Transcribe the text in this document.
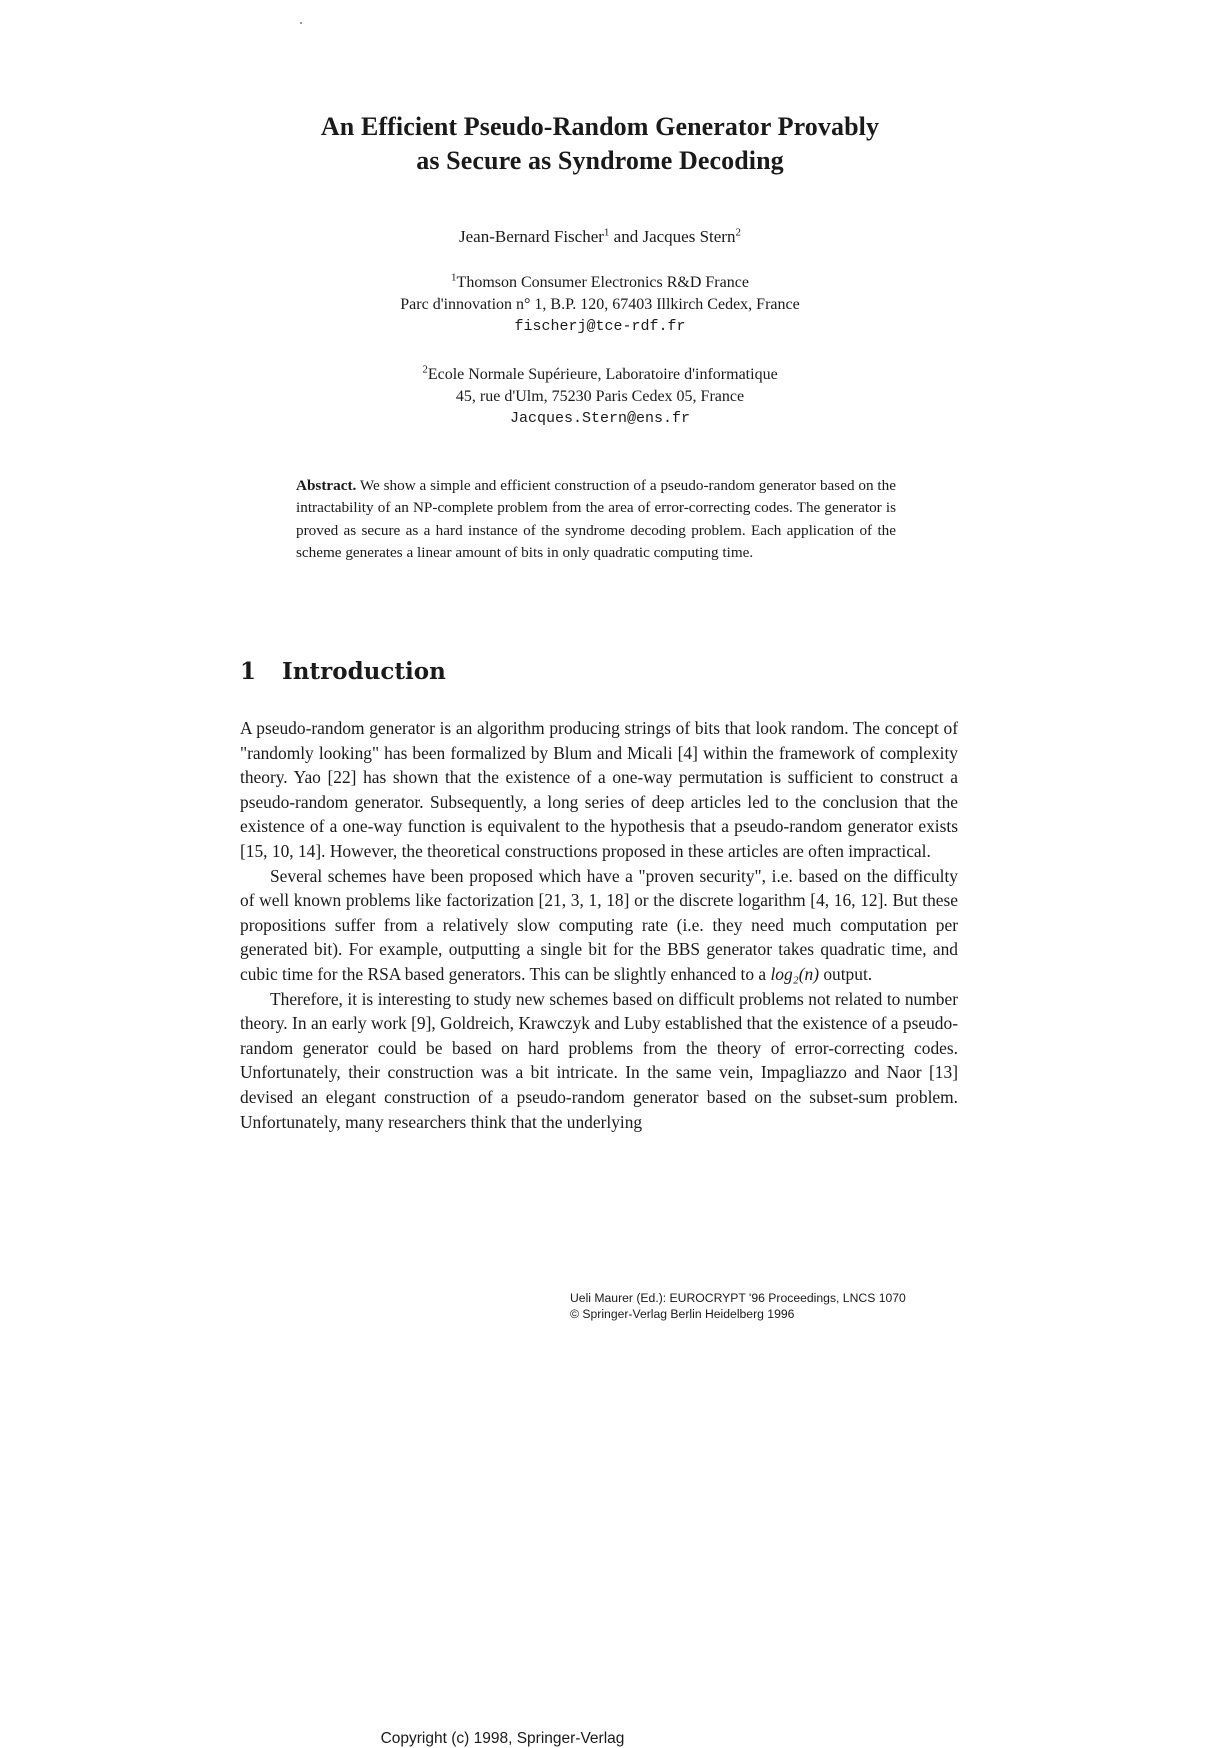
An Efficient Pseudo-Random Generator Provably
as Secure as Syndrome Decoding
Jean-Bernard Fischer$^1$ and Jacques Stern$^2$
$^1$Thomson Consumer Electronics R&D France
Parc d'innovation n° 1, B.P. 120, 67403 Illkirch Cedex, France
fischerj@tce-rdf.fr
$^2$Ecole Normale Supérieure, Laboratoire d'informatique
45, rue d'Ulm, 75230 Paris Cedex 05, France
Jacques.Stern@ens.fr
Abstract. We show a simple and efficient construction of a pseudo-random generator based on the intractability of an NP-complete problem from the area of error-correcting codes. The generator is proved as secure as a hard instance of the syndrome decoding problem. Each application of the scheme generates a linear amount of bits in only quadratic computing time.
1 Introduction

A pseudo-random generator is an algorithm producing strings of bits that look random. The concept of "randomly looking" has been formalized by Blum and Micali [4] within the framework of complexity theory. Yao [22] has shown that the existence of a one-way permutation is sufficient to construct a pseudo-random generator. Subsequently, a long series of deep articles led to the conclusion that the existence of a one-way function is equivalent to the hypothesis that a pseudo-random generator exists [15, 10, 14]. However, the theoretical constructions proposed in these articles are often impractical.

Several schemes have been proposed which have a "proven security", i.e. based on the difficulty of well known problems like factorization [21, 3, 1, 18] or the discrete logarithm [4, 16, 12]. But these propositions suffer from a relatively slow computing rate (i.e. they need much computation per generated bit). For example, outputting a single bit for the BBS generator takes quadratic time, and cubic time for the RSA based generators. This can be slightly enhanced to a log₂(n) output.

Therefore, it is interesting to study new schemes based on difficult problems not related to number theory. In an early work [9], Goldreich, Krawczyk and Luby established that the existence of a pseudo-random generator could be based on hard problems from the theory of error-correcting codes. Unfortunately, their construction was a bit intricate. In the same vein, Impagliazzo and Naor [13] devised an elegant construction of a pseudo-random generator based on the subset-sum problem. Unfortunately, many researchers think that the underlying

Ueli Maurer (Ed.): EUROCRYPT '96 Proceedings, LNCS 1070
© Springer-Verlag Berlin Heidelberg 1996
Copyright (c) 1998, Springer-Verlag
